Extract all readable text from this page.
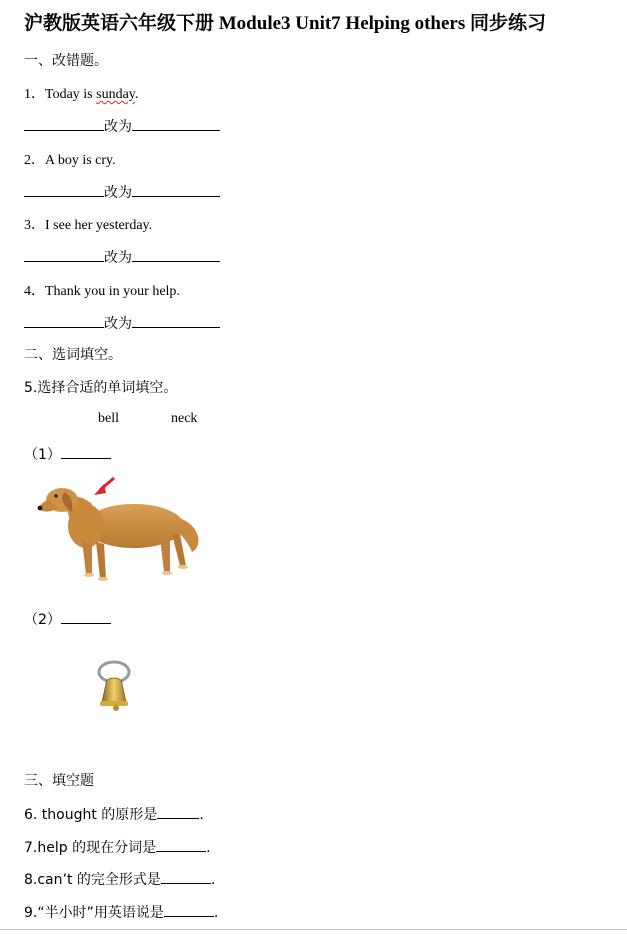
沪教版英语六年级下册 Module3 Unit7 Helping others 同步练习
一、改错题。
1．Today is sunday.
改为
2．A boy is cry.
改为
3．I see her yesterday.
改为
4．Thank you in your help.
改为
二、选词填空。
5.选择合适的单词填空。
bell	neck
（1）
（2）
三、填空题
6. thought 的原形是	.
7.help 的现在分词是	.
8.can’t 的完全形式是	.
9.“半小时”用英语说是	.
